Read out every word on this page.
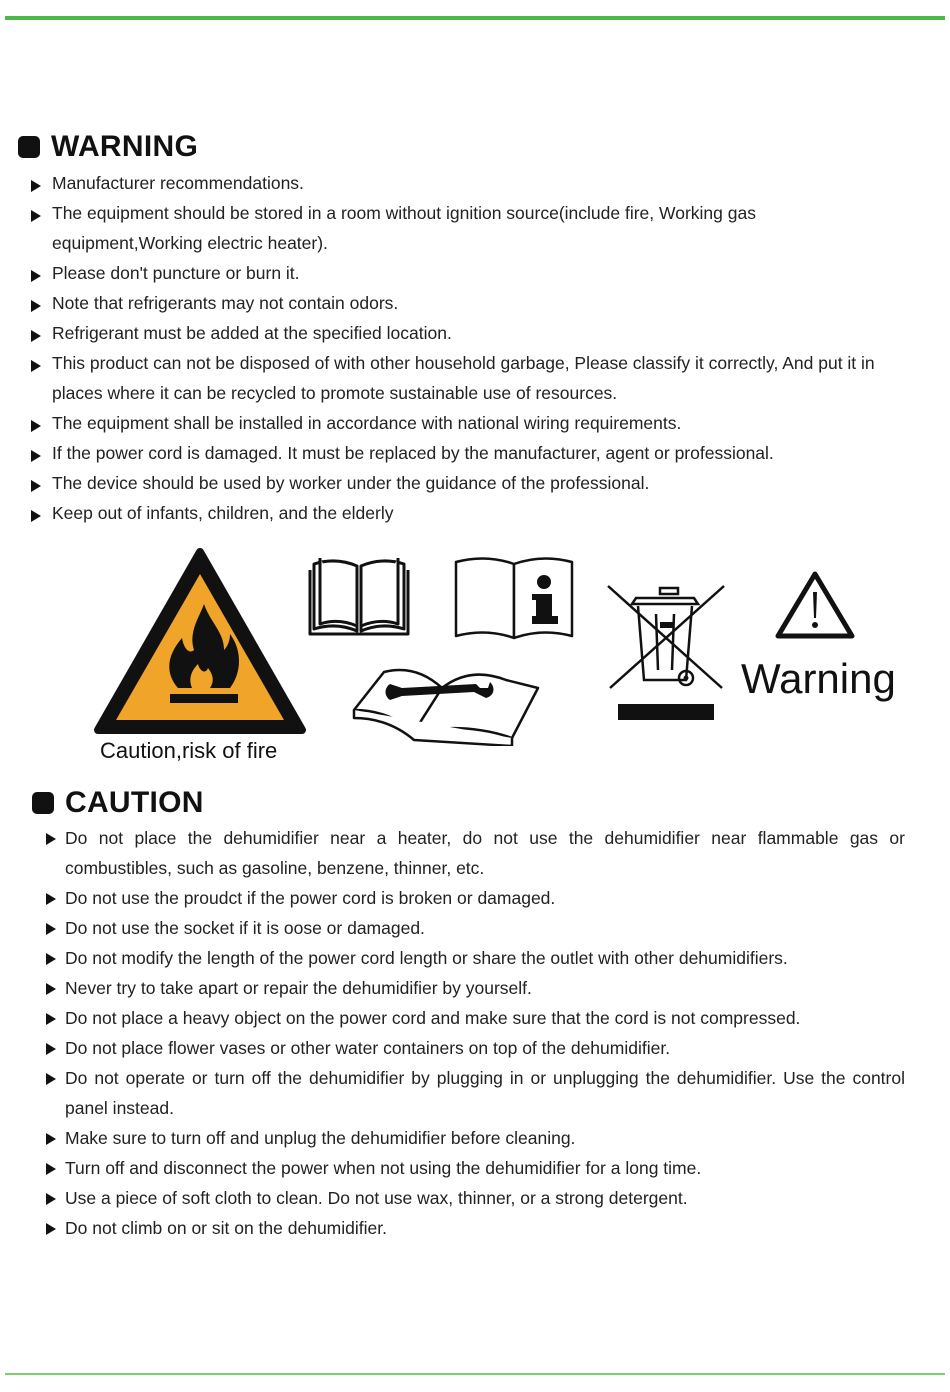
WARNING
Manufacturer recommendations.
The equipment should be stored in a room without ignition source(include fire, Working gas equipment,Working electric heater).
Please don't puncture or burn it.
Note that refrigerants may not contain odors.
Refrigerant must be added at the specified location.
This product can not be disposed of with other household garbage, Please classify it correctly, And put it in places where it can be recycled to promote sustainable use of resources.
The equipment shall be installed in accordance with national wiring requirements.
If the power cord is damaged. It must be replaced by the manufacturer, agent or professional.
The device should be used by worker under the guidance of the professional.
Keep out of infants, children, and the elderly
Caution,risk of fire
Warning
CAUTION
Do not place the dehumidifier near a heater, do not use the dehumidifier near flammable gas or combustibles, such as gasoline, benzene, thinner, etc.
Do not use the proudct if the power cord is broken or damaged.
Do not use the socket if it is oose or damaged.
Do not modify the length of the power cord length or share the outlet with other dehumidifiers.
Never try to take apart or repair the dehumidifier by yourself.
Do not place a heavy object on the power cord and make sure that the cord is not compressed.
Do not place flower vases or other water containers on top of the dehumidifier.
Do not operate or turn off the dehumidifier by plugging in or unplugging the dehumidifier. Use the control panel instead.
Make sure to turn off and unplug the dehumidifier before cleaning.
Turn off and disconnect the power when not using the dehumidifier for a long time.
Use a piece of soft cloth to clean. Do not use wax, thinner, or a strong detergent.
Do not climb on or sit on the dehumidifier.
